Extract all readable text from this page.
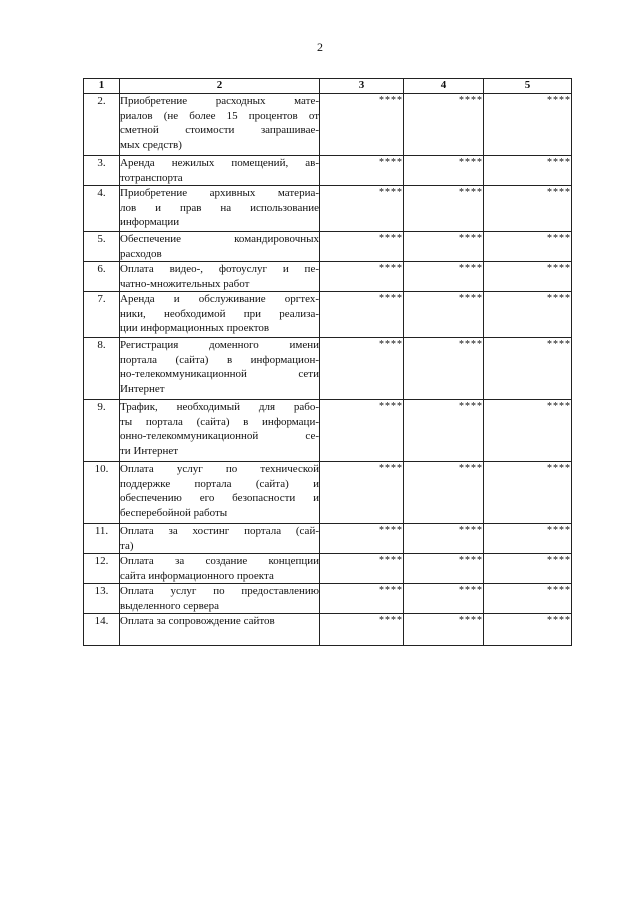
2
1	2	3	4	5
2.	Приобретение расходных мате-
риалов (не более 15 процентов от
сметной стоимости запрашивае-
мых средств)	****	****	****
3.	Аренда нежилых помещений, ав-
тотранспорта	****	****	****
4.	Приобретение архивных материа-
лов и прав на использование
информации	****	****	****
5.	Обеспечение командировочных
расходов	****	****	****
6.	Оплата видео-, фотоуслуг и пе-
чатно-множительных работ	****	****	****
7.	Аренда и обслуживание оргтех-
ники, необходимой при реализа-
ции информационных проектов	****	****	****
8.	Регистрация доменного имени
портала (сайта) в информацион-
но-телекоммуникационной сети
Интернет	****	****	****
9.	Трафик, необходимый для рабо-
ты портала (сайта) в информаци-
онно-телекоммуникационной се-
ти Интернет	****	****	****
10.	Оплата услуг по технической
поддержке портала (сайта) и
обеспечению его безопасности и
бесперебойной работы	****	****	****
11.	Оплата за хостинг портала (сай-
та)	****	****	****
12.	Оплата за создание концепции
сайта информационного проекта	****	****	****
13.	Оплата услуг по предоставлению
выделенного сервера	****	****	****
14.	Оплата за сопровождение сайтов	****	****	****
